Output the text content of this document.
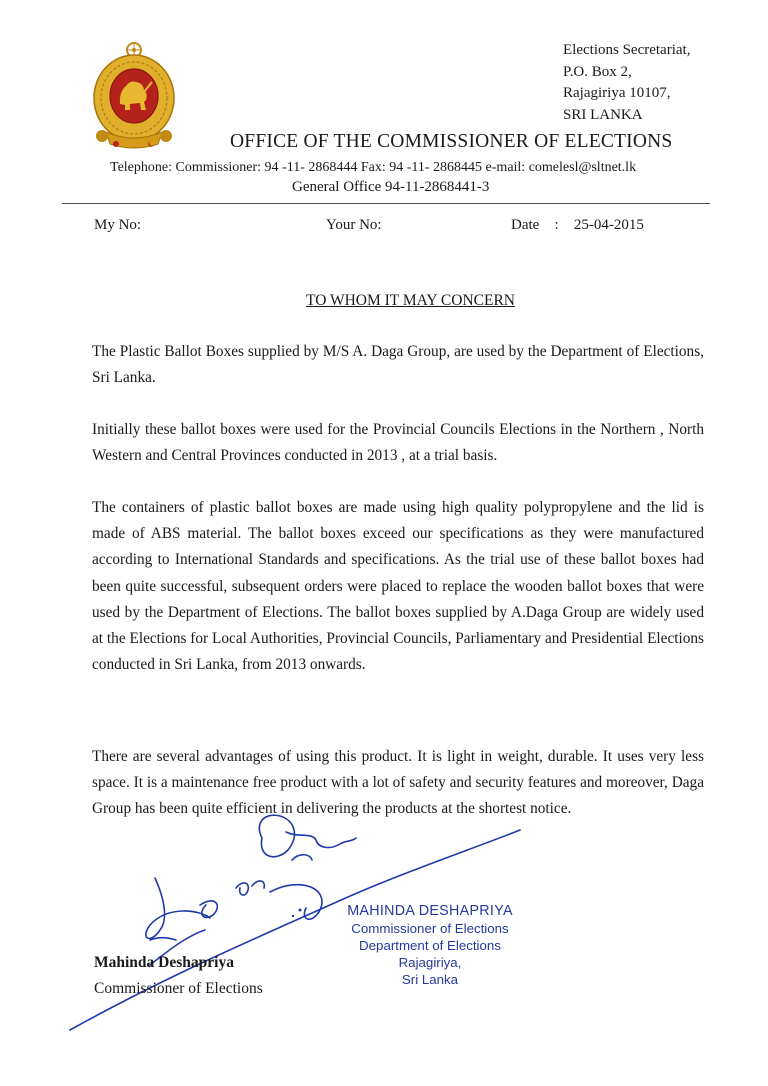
Elections Secretariat,
P.O. Box 2,
Rajagiriya 10107,
SRI LANKA
OFFICE OF THE COMMISSIONER OF ELECTIONS
Telephone: Commissioner: 94 -11- 2868444 Fax: 94 -11- 2868445 e-mail: comelesl@sltnet.lk
General Office 94-11-2868441-3
My No:	Your No:	Date : 25-04-2015
TO WHOM IT MAY CONCERN

The Plastic Ballot Boxes supplied by M/S A. Daga Group, are used by the Department of Elections, Sri Lanka.

Initially these ballot boxes were used for the Provincial Councils Elections in the Northern , North Western and Central Provinces conducted in 2013 , at a trial basis.

The containers of plastic ballot boxes are made using high quality polypropylene and the lid is made of ABS material. The ballot boxes exceed our specifications as they were manufactured according to International Standards and specifications. As the trial use of these ballot boxes had been quite successful, subsequent orders were placed to replace the wooden ballot boxes that were used by the Department of Elections. The ballot boxes supplied by A.Daga Group are widely used at the Elections for Local Authorities, Provincial Councils, Parliamentary and Presidential Elections conducted in Sri Lanka, from 2013 onwards.

There are several advantages of using this product. It is light in weight, durable. It uses very less space. It is a maintenance free product with a lot of safety and security features and moreover, Daga Group has been quite efficient in delivering the products at the shortest notice.

MAHINDA DESHAPRIYA
Commissioner of Elections
Department of Elections
Rajagiriya,
Sri Lanka
Mahinda Deshapriya
Commissioner of Elections
